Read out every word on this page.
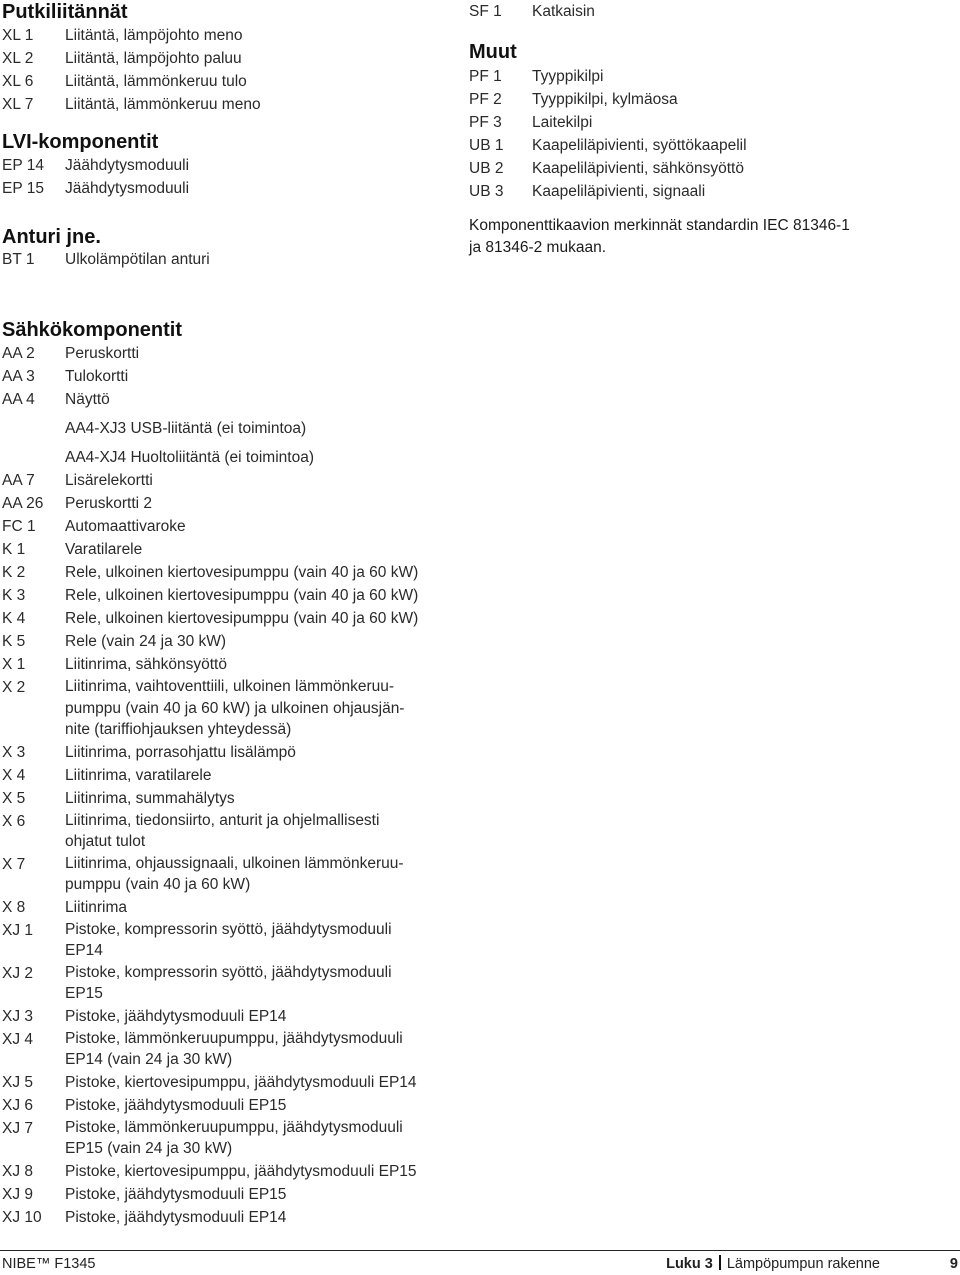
Putkiliitännät
XL 1	Liitäntä, lämpöjohto meno
XL 2	Liitäntä, lämpöjohto paluu
XL 6	Liitäntä, lämmönkeruu tulo
XL 7	Liitäntä, lämmönkeruu meno
LVI-komponentit
EP 14	Jäähdytysmoduuli
EP 15	Jäähdytysmoduuli
Anturi jne.
BT 1	Ulkolämpötilan anturi
SF 1	Katkaisin
Muut
PF 1	Tyyppikilpi
PF 2	Tyyppikilpi, kylmäosa
PF 3	Laitekilpi
UB 1	Kaapeliläpivienti, syöttökaapelil
UB 2	Kaapeliläpivienti, sähkönsyöttö
UB 3	Kaapeliläpivienti, signaali
Komponenttikaavion merkinnät standardin IEC 81346-1
ja 81346-2 mukaan.
Sähkökomponentit
AA 2	Peruskortti
AA 3	Tulokortti
AA 4	Näyttö
AA4-XJ3 USB-liitäntä (ei toimintoa)
AA4-XJ4 Huoltoliitäntä (ei toimintoa)
AA 7	Lisärelekortti
AA 26	Peruskortti 2
FC 1	Automaattivaroke
K 1	Varatilarele
K 2	Rele, ulkoinen kiertovesipumppu (vain 40 ja 60 kW)
K 3	Rele, ulkoinen kiertovesipumppu (vain 40 ja 60 kW)
K 4	Rele, ulkoinen kiertovesipumppu (vain 40 ja 60 kW)
K 5	Rele (vain 24 ja 30 kW)
X 1	Liitinrima, sähkönsyöttö
X 2	Liitinrima, vaihtoventtiili, ulkoinen lämmönkeruu-
pumppu (vain 40 ja 60 kW) ja ulkoinen ohjausjän-
nite (tariffiohjauksen yhteydessä)
X 3	Liitinrima, porrasohjattu lisälämpö
X 4	Liitinrima, varatilarele
X 5	Liitinrima, summahälytys
X 6	Liitinrima, tiedonsiirto, anturit ja ohjelmallisesti
ohjatut tulot
X 7	Liitinrima, ohjaussignaali, ulkoinen lämmönkeruu-
pumppu (vain 40 ja 60 kW)
X 8	Liitinrima
XJ 1	Pistoke, kompressorin syöttö, jäähdytysmoduuli
EP14
XJ 2	Pistoke, kompressorin syöttö, jäähdytysmoduuli
EP15
XJ 3	Pistoke, jäähdytysmoduuli EP14
XJ 4	Pistoke, lämmönkeruupumppu, jäähdytysmoduuli
EP14 (vain 24 ja 30 kW)
XJ 5	Pistoke, kiertovesipumppu, jäähdytysmoduuli EP14
XJ 6	Pistoke, jäähdytysmoduuli EP15
XJ 7	Pistoke, lämmönkeruupumppu, jäähdytysmoduuli
EP15 (vain 24 ja 30 kW)
XJ 8	Pistoke, kiertovesipumppu, jäähdytysmoduuli EP15
XJ 9	Pistoke, jäähdytysmoduuli EP15
XJ 10	Pistoke, jäähdytysmoduuli EP14
NIBE™ F1345	Luku 3 Lämpöpumpun rakenne	9
